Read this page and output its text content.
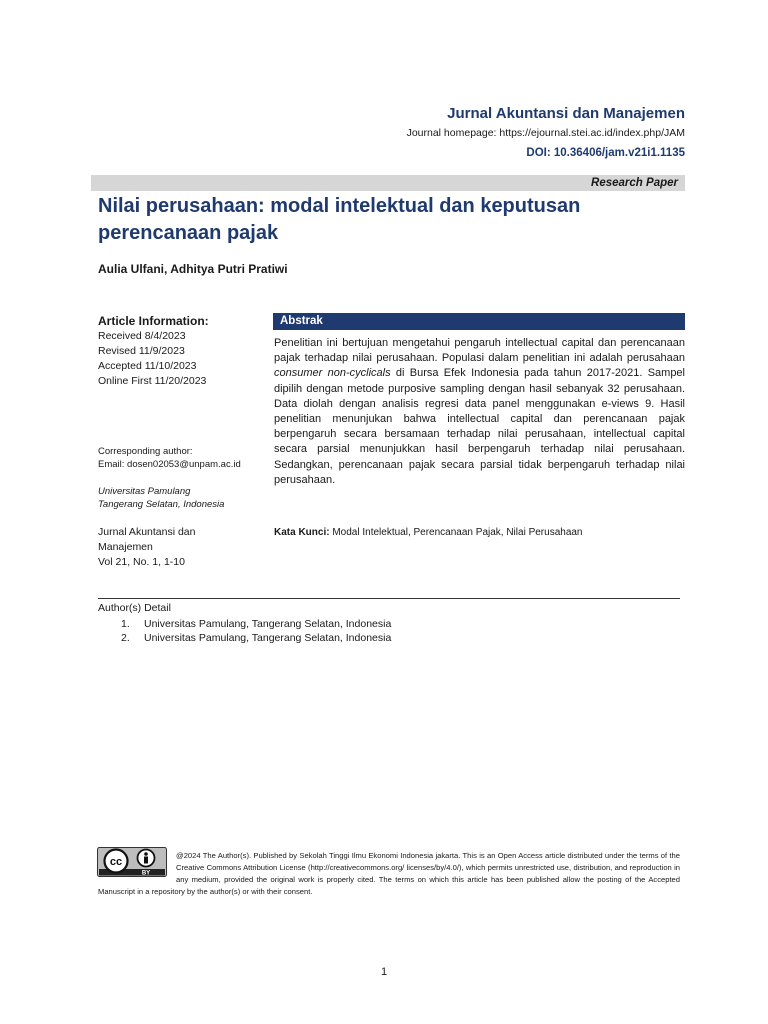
Jurnal Akuntansi dan Manajemen
Journal homepage: https://ejournal.stei.ac.id/index.php/JAM
DOI: 10.36406/jam.v21i1.1135
Research Paper
Nilai perusahaan: modal intelektual dan keputusan perencanaan pajak
Aulia Ulfani, Adhitya Putri Pratiwi
Article Information:
Received 8/4/2023
Revised 11/9/2023
Accepted 11/10/2023
Online First 11/20/2023
Corresponding author:
Email: dosen02053@unpam.ac.id
Universitas Pamulang
Tangerang Selatan, Indonesia
Jurnal Akuntansi dan
Manajemen
Vol 21, No. 1, 1-10
Abstrak
Penelitian ini bertujuan mengetahui pengaruh intellectual capital dan perencanaan pajak terhadap nilai perusahaan. Populasi dalam penelitian ini adalah perusahaan consumer non-cyclicals di Bursa Efek Indonesia pada tahun 2017-2021. Sampel dipilih dengan metode purposive sampling dengan hasil sebanyak 32 perusahaan. Data diolah dengan analisis regresi data panel menggunakan e-views 9. Hasil penelitian menunjukan bahwa intellectual capital dan perencanaan pajak berpengaruh secara bersamaan terhadap nilai perusahaan, intellectual capital secara parsial menunjukkan hasil berpengaruh terhadap nilai perusahaan. Sedangkan, perencanaan pajak secara parsial tidak berpengaruh terhadap nilai perusahaan.
Kata Kunci: Modal Intelektual, Perencanaan Pajak, Nilai Perusahaan
Author(s) Detail
1.	Universitas Pamulang, Tangerang Selatan, Indonesia
2.	Universitas Pamulang, Tangerang Selatan, Indonesia
cc
BY
@2024 The Author(s). Published by Sekolah Tinggi Ilmu Ekonomi Indonesia jakarta. This is an Open Access article distributed under the terms of the Creative Commons Attribution License (http://creativecommons.org/ licenses/by/4.0/), which permits unrestricted use, distribution, and reproduction in any medium, provided the original work is properly cited. The terms on which this article has been published allow the posting of the Accepted Manuscript in a repository by the author(s) or with their consent.
1
